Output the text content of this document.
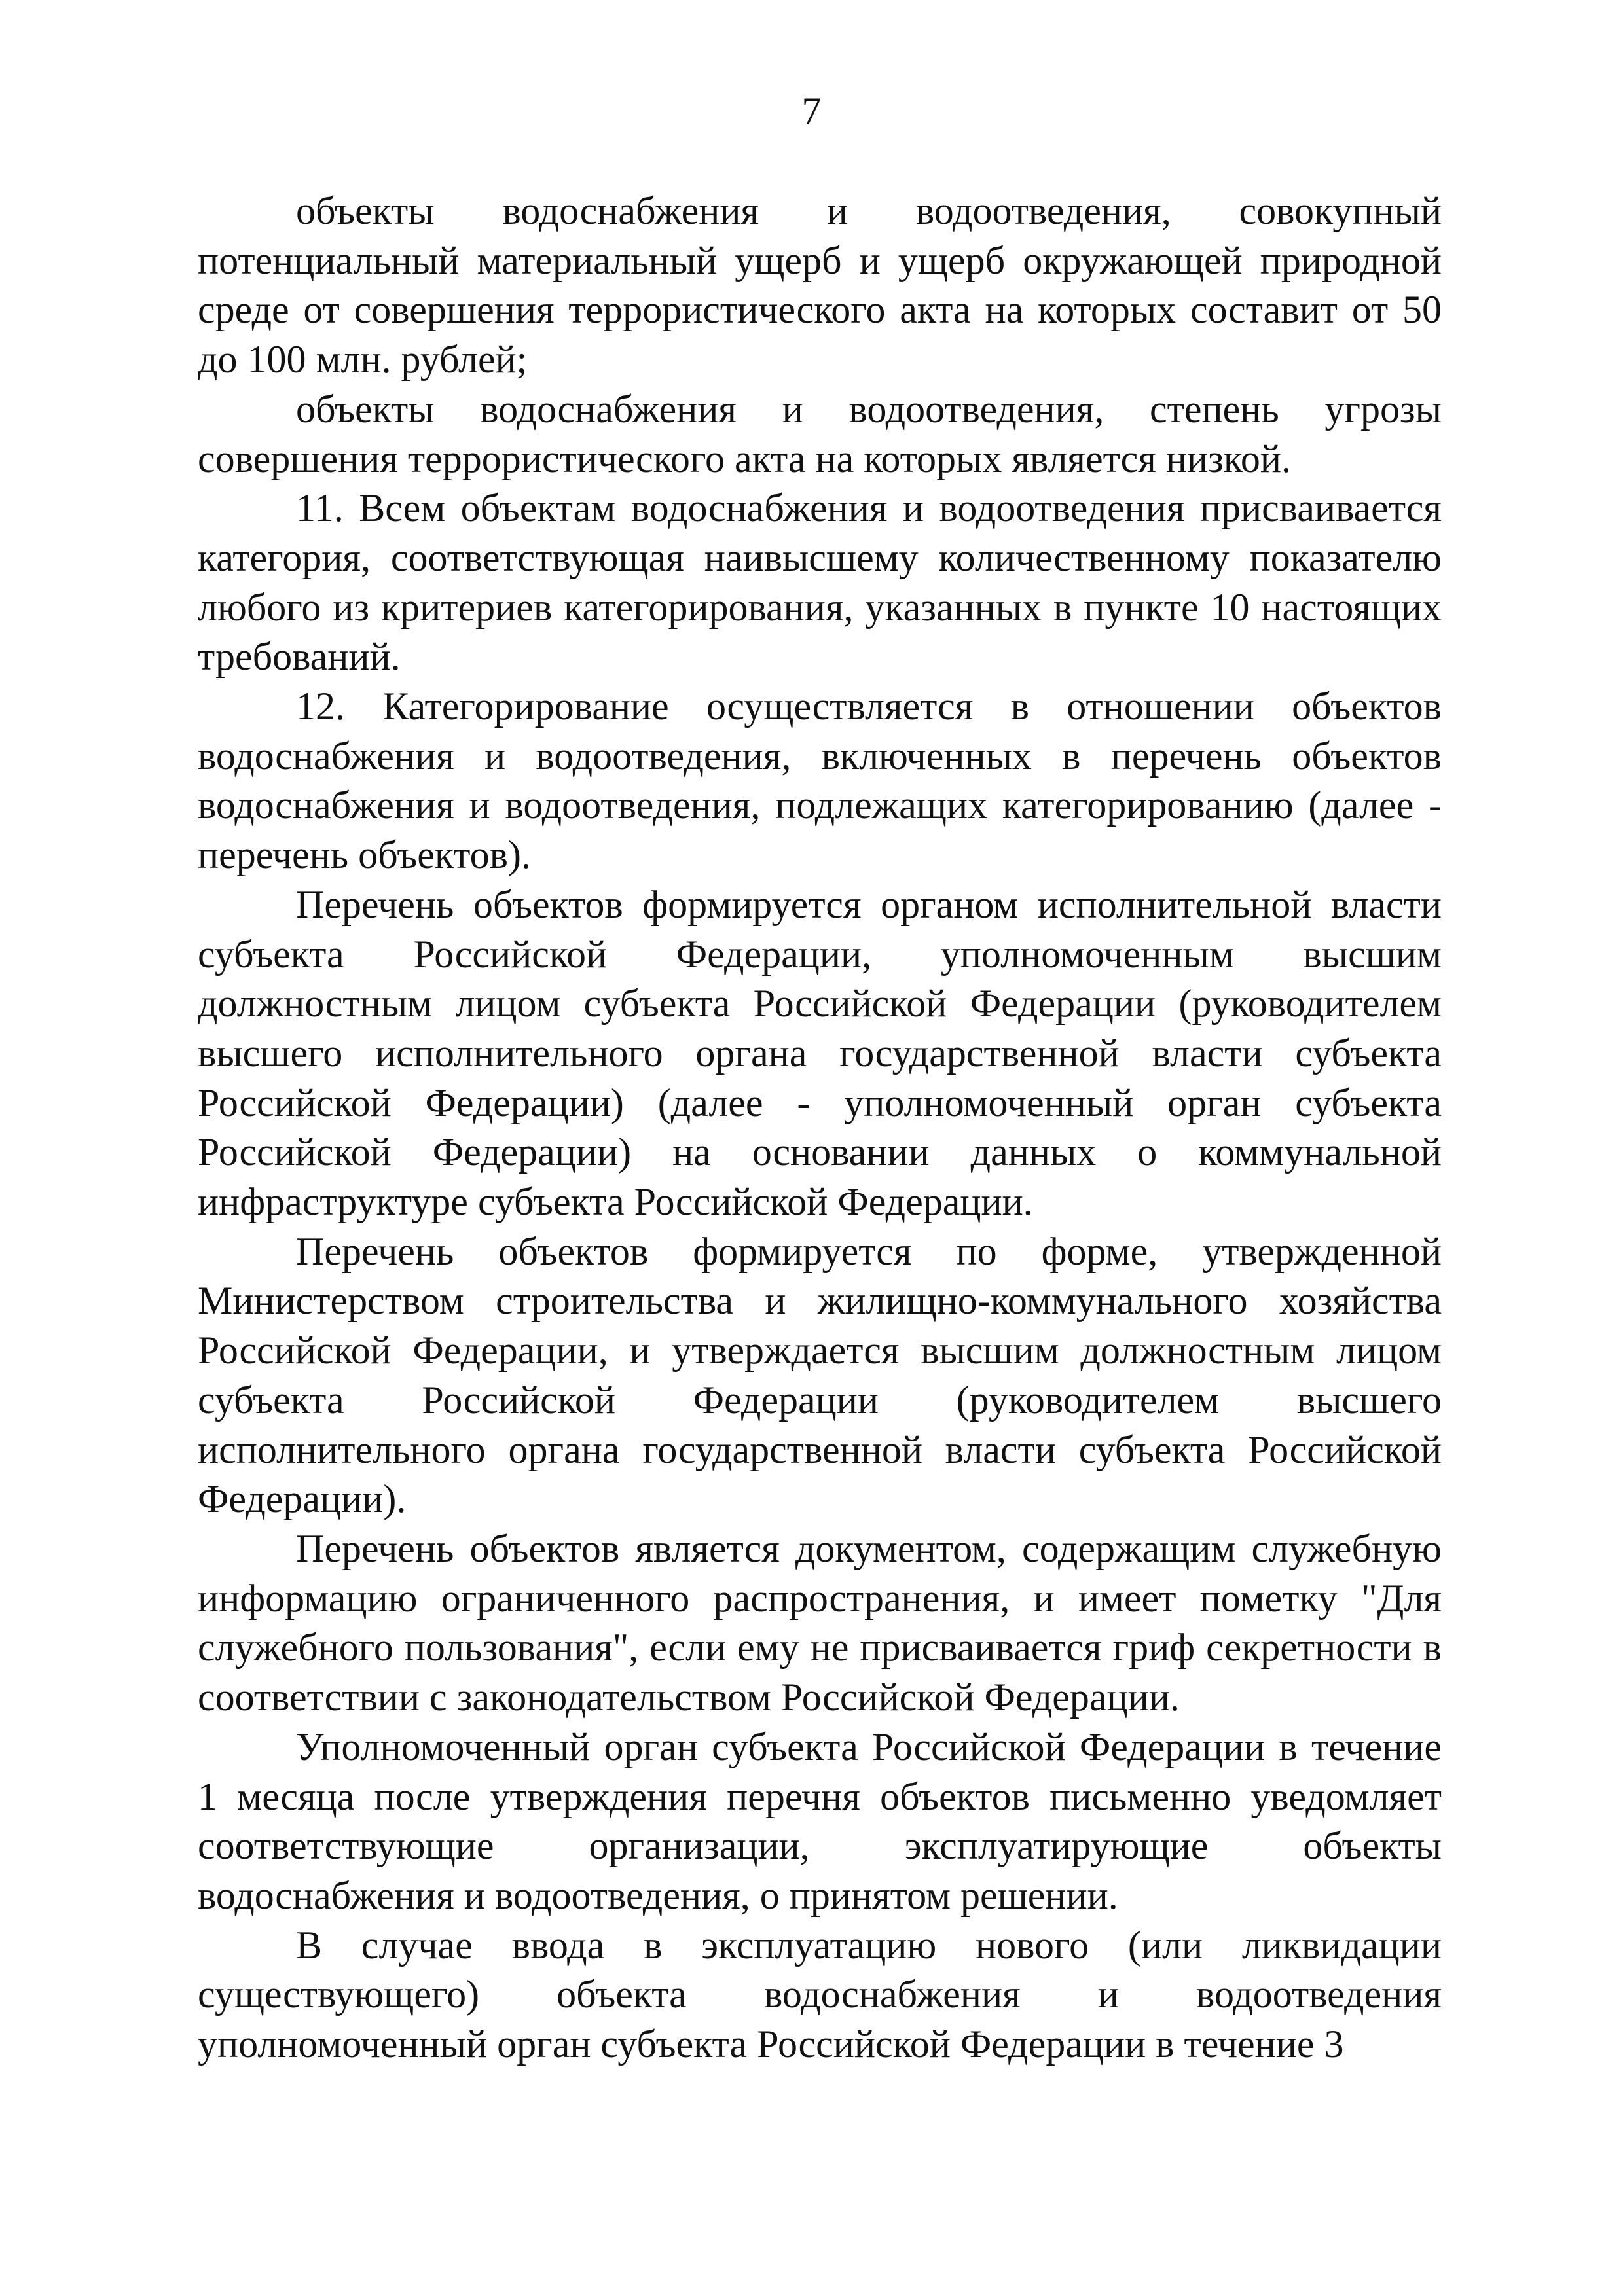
7

объекты водоснабжения и водоотведения, совокупный потенциальный материальный ущерб и ущерб окружающей природной среде от совершения террористического акта на которых составит от 50 до 100 млн. рублей;

объекты водоснабжения и водоотведения, степень угрозы совершения террористического акта на которых является низкой.

11. Всем объектам водоснабжения и водоотведения присваивается категория, соответствующая наивысшему количественному показателю любого из критериев категорирования, указанных в пункте 10 настоящих требований.

12. Категорирование осуществляется в отношении объектов водоснабжения и водоотведения, включенных в перечень объектов водоснабжения и водоотведения, подлежащих категорированию (далее - перечень объектов).

Перечень объектов формируется органом исполнительной власти субъекта Российской Федерации, уполномоченным высшим должностным лицом субъекта Российской Федерации (руководителем высшего исполнительного органа государственной власти субъекта Российской Федерации) (далее - уполномоченный орган субъекта Российской Федерации) на основании данных о коммунальной инфраструктуре субъекта Российской Федерации.

Перечень объектов формируется по форме, утвержденной Министерством строительства и жилищно-коммунального хозяйства Российской Федерации, и утверждается высшим должностным лицом субъекта Российской Федерации (руководителем высшего исполнительного органа государственной власти субъекта Российской Федерации).

Перечень объектов является документом, содержащим служебную информацию ограниченного распространения, и имеет пометку "Для служебного пользования", если ему не присваивается гриф секретности в соответствии с законодательством Российской Федерации.

Уполномоченный орган субъекта Российской Федерации в течение 1 месяца после утверждения перечня объектов письменно уведомляет соответствующие организации, эксплуатирующие объекты водоснабжения и водоотведения, о принятом решении.

В случае ввода в эксплуатацию нового (или ликвидации существующего) объекта водоснабжения и водоотведения уполномоченный орган субъекта Российской Федерации в течение 3
